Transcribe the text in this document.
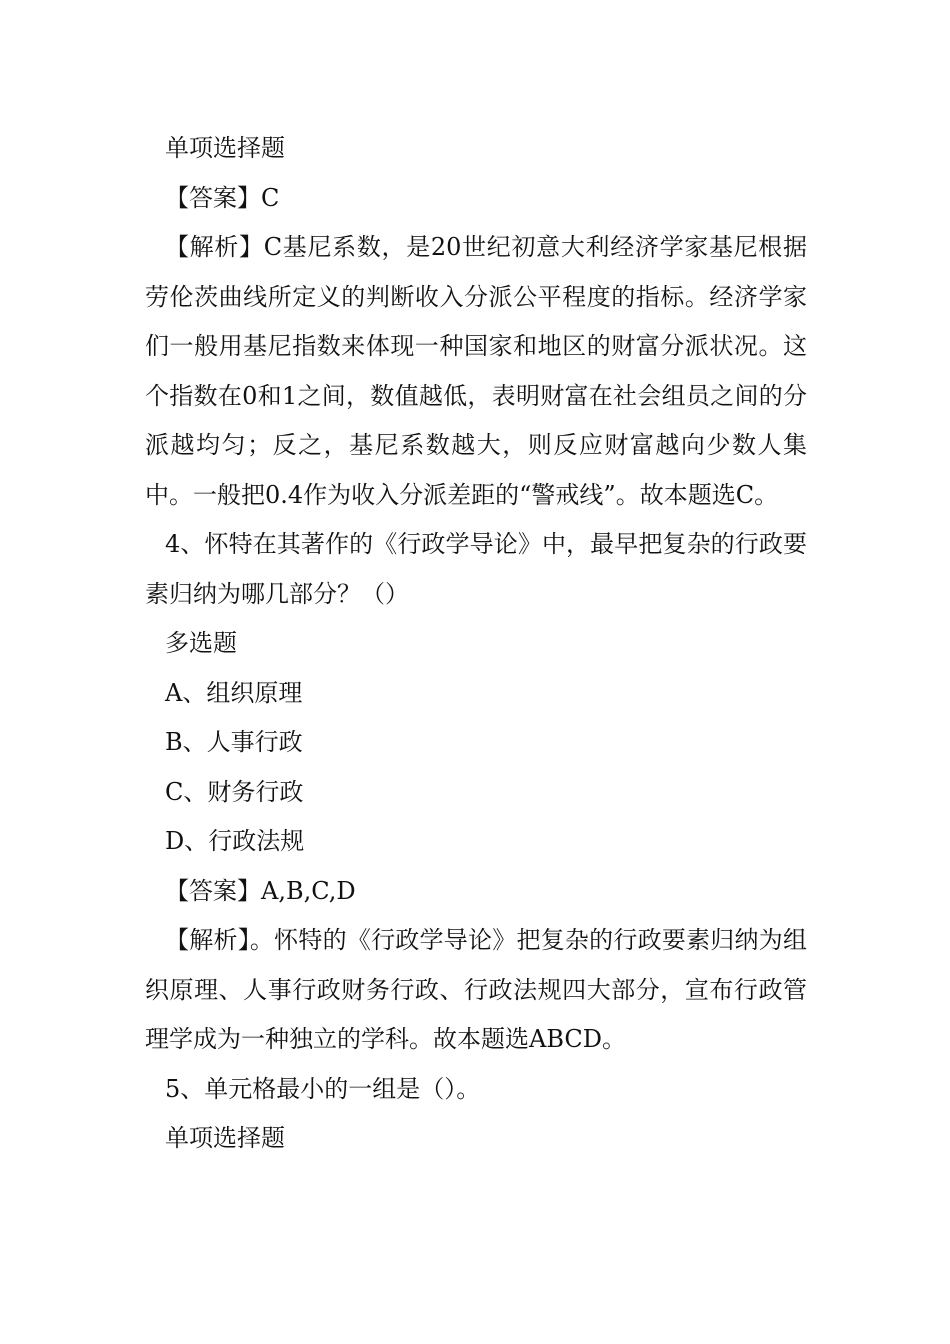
单项选择题
【答案】C
【解析】C基尼系数，是20世纪初意大利经济学家基尼根据劳伦茨曲线所定义的判断收入分派公平程度的指标。经济学家们一般用基尼指数来体现一种国家和地区的财富分派状况。这个指数在0和1之间，数值越低，表明财富在社会组员之间的分派越均匀；反之，基尼系数越大，则反应财富越向少数人集中。一般把0.4作为收入分派差距的“警戒线”。故本题选C。
4、怀特在其著作的《行政学导论》中，最早把复杂的行政要素归纳为哪几部分？（）
多选题
A、组织原理
B、人事行政
C、财务行政
D、行政法规
【答案】A,B,C,D
【解析】。怀特的《行政学导论》把复杂的行政要素归纳为组织原理、人事行政财务行政、行政法规四大部分，宣布行政管理学成为一种独立的学科。故本题选ABCD。
5、单元格最小的一组是（）。
单项选择题
